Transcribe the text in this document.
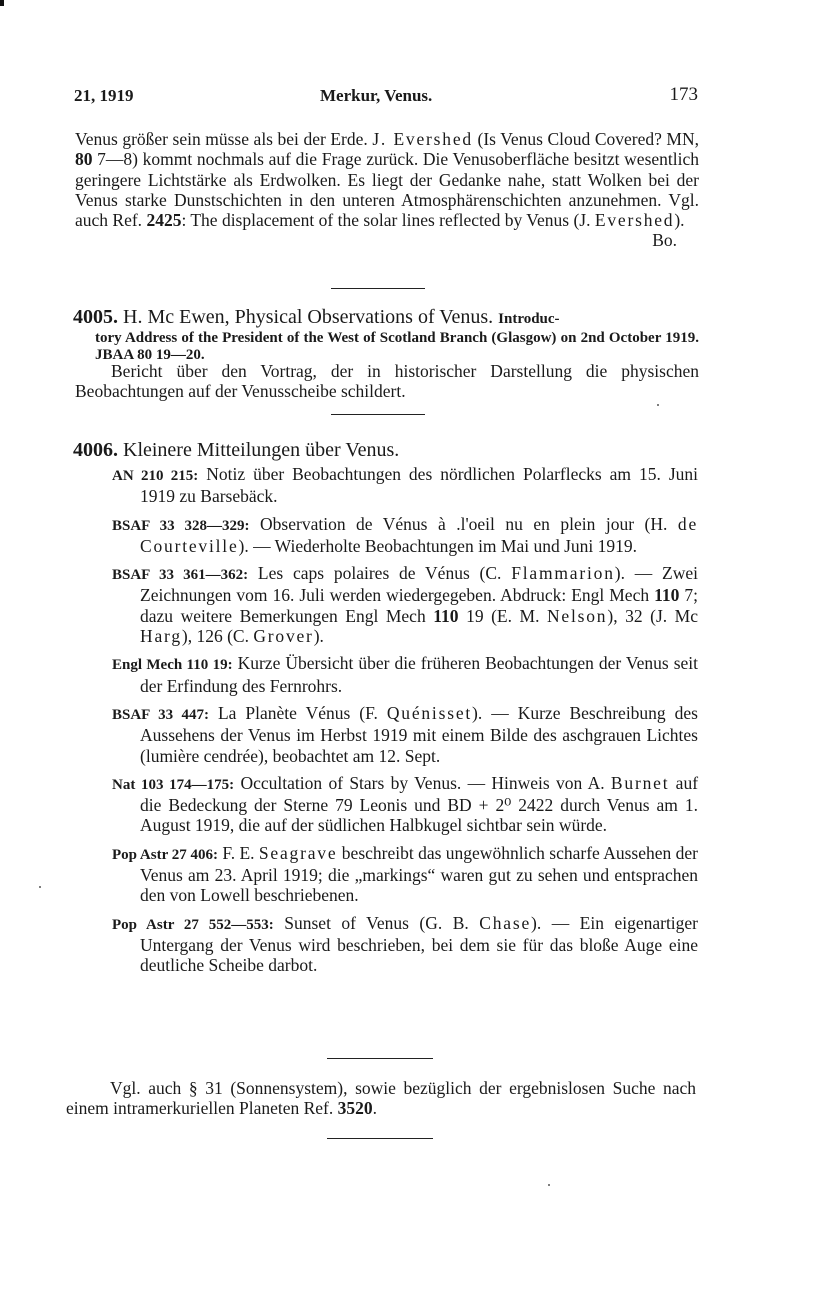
21, 1919	Merkur, Venus.	173

Venus größer sein müsse als bei der Erde. J. Evershed (Is Venus Cloud Covered? MN, 80 7—8) kommt nochmals auf die Frage zurück. Die Venusoberfläche besitzt wesentlich geringere Lichtstärke als Erdwolken. Es liegt der Gedanke nahe, statt Wolken bei der Venus starke Dunstschichten in den unteren Atmosphärenschichten anzunehmen. Vgl. auch Ref. 2425: The displacement of the solar lines reflected by Venus (J. Evershed).
Bo.

4005. H. Mc Ewen, Physical Observations of Venus. Introduc-

tory Address of the President of the West of Scotland Branch (Glasgow) on 2nd October 1919. JBAA 80 19—20.

Bericht über den Vortrag, der in historischer Darstellung die physischen Beobachtungen auf der Venusscheibe schildert.

4006. Kleinere Mitteilungen über Venus.

AN 210 215: Notiz über Beobachtungen des nördlichen Polarflecks am 15. Juni 1919 zu Barsebäck.
BSAF 33 328—329: Observation de Vénus à .l'oeil nu en plein jour (H. de Courteville). — Wiederholte Beobachtungen im Mai und Juni 1919.
BSAF 33 361—362: Les caps polaires de Vénus (C. Flammarion). — Zwei Zeichnungen vom 16. Juli werden wiedergegeben. Abdruck: Engl Mech 110 7; dazu weitere Bemerkungen Engl Mech 110 19 (E. M. Nelson), 32 (J. Mc Harg), 126 (C. Grover).
Engl Mech 110 19: Kurze Übersicht über die früheren Beobachtungen der Venus seit der Erfindung des Fernrohrs.
BSAF 33 447: La Planète Vénus (F. Quénisset). — Kurze Beschreibung des Aussehens der Venus im Herbst 1919 mit einem Bilde des aschgrauen Lichtes (lumière cendrée), beobachtet am 12. Sept.
Nat 103 174—175: Occultation of Stars by Venus. — Hinweis von A. Burnet auf die Bedeckung der Sterne 79 Leonis und BD + 2⁰ 2422 durch Venus am 1. August 1919, die auf der südlichen Halbkugel sichtbar sein würde.
Pop Astr 27 406: F. E. Seagrave beschreibt das ungewöhnlich scharfe Aussehen der Venus am 23. April 1919; die „markings“ waren gut zu sehen und entsprachen den von Lowell beschriebenen.
Pop Astr 27 552—553: Sunset of Venus (G. B. Chase). — Ein eigenartiger Untergang der Venus wird beschrieben, bei dem sie für das bloße Auge eine deutliche Scheibe darbot.

Vgl. auch § 31 (Sonnensystem), sowie bezüglich der ergebnislosen Suche nach einem intramerkuriellen Planeten Ref. 3520.
